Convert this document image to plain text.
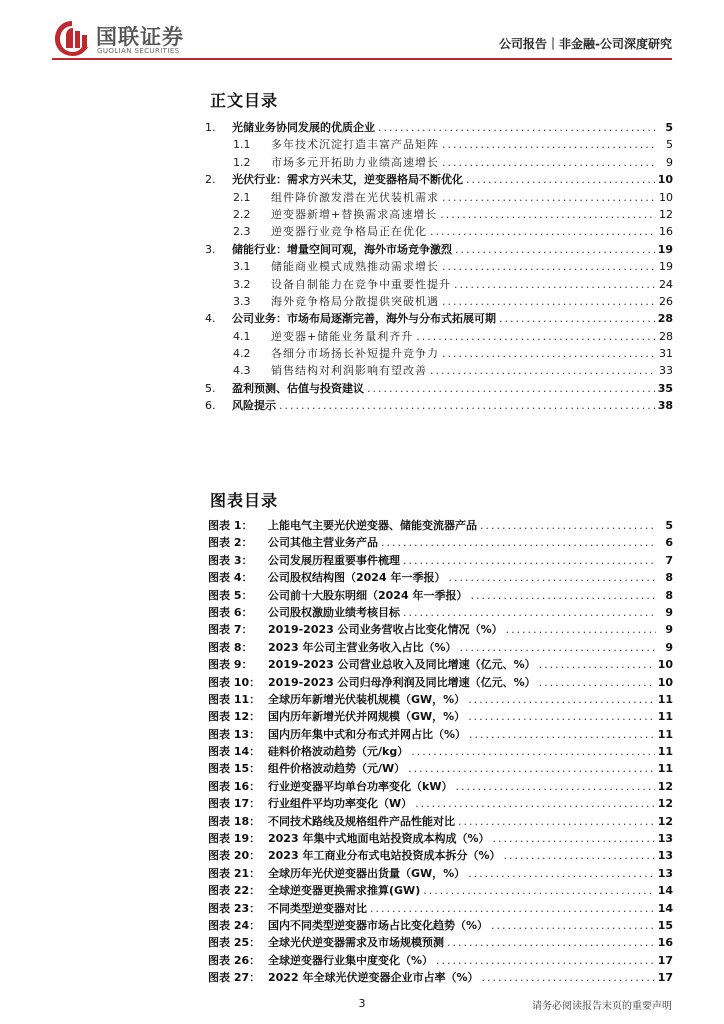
国联证券
GUOLIAN SECURITIES	公司报告｜非金融-公司深度研究
正文目录
1. 光储业务协同发展的优质企业 .....	5
1.1 多年技术沉淀打造丰富产品矩阵 .....	5
1.2 市场多元开拓助力业绩高速增长 .....	9
2. 光伏行业：需求方兴未艾，逆变器格局不断优化 .....	10
2.1 组件降价激发潜在光伏装机需求 .....	10
2.2 逆变器新增+替换需求高速增长 .....	12
2.3 逆变器行业竞争格局正在优化 .....	16
3. 储能行业：增量空间可观，海外市场竞争激烈 .....	19
3.1 储能商业模式成熟推动需求增长 .....	19
3.2 设备自制能力在竞争中重要性提升 .....	24
3.3 海外竞争格局分散提供突破机遇 .....	26
4. 公司业务：市场布局逐渐完善，海外与分布式拓展可期 .....	28
4.1 逆变器+储能业务量利齐升 .....	28
4.2 各细分市场扬长补短提升竞争力 .....	31
4.3 销售结构对利润影响有望改善 .....	33
5. 盈利预测、估值与投资建议 .....	35
6. 风险提示 .....	38
图表目录
图表 1： 上能电气主要光伏逆变器、储能变流器产品 .....	5
图表 2： 公司其他主营业务产品 .....	6
图表 3： 公司发展历程重要事件梳理 .....	7
图表 4： 公司股权结构图（2024 年一季报） .....	8
图表 5： 公司前十大股东明细（2024 年一季报） .....	8
图表 6： 公司股权激励业绩考核目标 .....	9
图表 7： 2019-2023 公司业务营收占比变化情况（%） .....	9
图表 8： 2023 年公司主营业务收入占比（%） .....	9
图表 9： 2019-2023 公司营业总收入及同比增速（亿元、%） .....	10
图表 10： 2019-2023 公司归母净利润及同比增速（亿元、%） .....	10
图表 11： 全球历年新增光伏装机规模（GW，%） .....	11
图表 12： 国内历年新增光伏并网规模（GW，%） .....	11
图表 13： 国内历年集中式和分布式并网占比（%） .....	11
图表 14： 硅料价格波动趋势（元/kg） .....	11
图表 15： 组件价格波动趋势（元/W） .....	11
图表 16： 行业逆变器平均单台功率变化（kW） .....	12
图表 17： 行业组件平均功率变化（W） .....	12
图表 18： 不同技术路线及规格组件产品性能对比 .....	12
图表 19： 2023 年集中式地面电站投资成本构成（%） .....	13
图表 20： 2023 年工商业分布式电站投资成本拆分（%） .....	13
图表 21： 全球历年光伏逆变器出货量（GW，%） .....	13
图表 22： 全球逆变器更换需求推算(GW) .....	14
图表 23： 不同类型逆变器对比 .....	14
图表 24： 国内不同类型逆变器市场占比变化趋势（%） .....	15
图表 25： 全球光伏逆变器需求及市场规模预测 .....	16
图表 26： 全球逆变器行业集中度变化（%） .....	17
图表 27： 2022 年全球光伏逆变器企业市占率（%） .....	17
3	请务必阅读报告末页的重要声明
